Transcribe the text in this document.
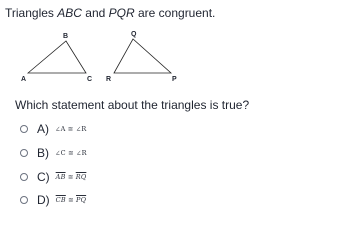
Triangles ABC and PQR are congruent.
A
B
C R
Q
P
Which statement about the triangles is true?
A) ∠A ≅ ∠R
B) ∠C ≅ ∠R
C) $\overline{AB}$ ≅ $\overline{RQ}$
D) $\overline{CB}$ ≅ $\overline{PQ}$
